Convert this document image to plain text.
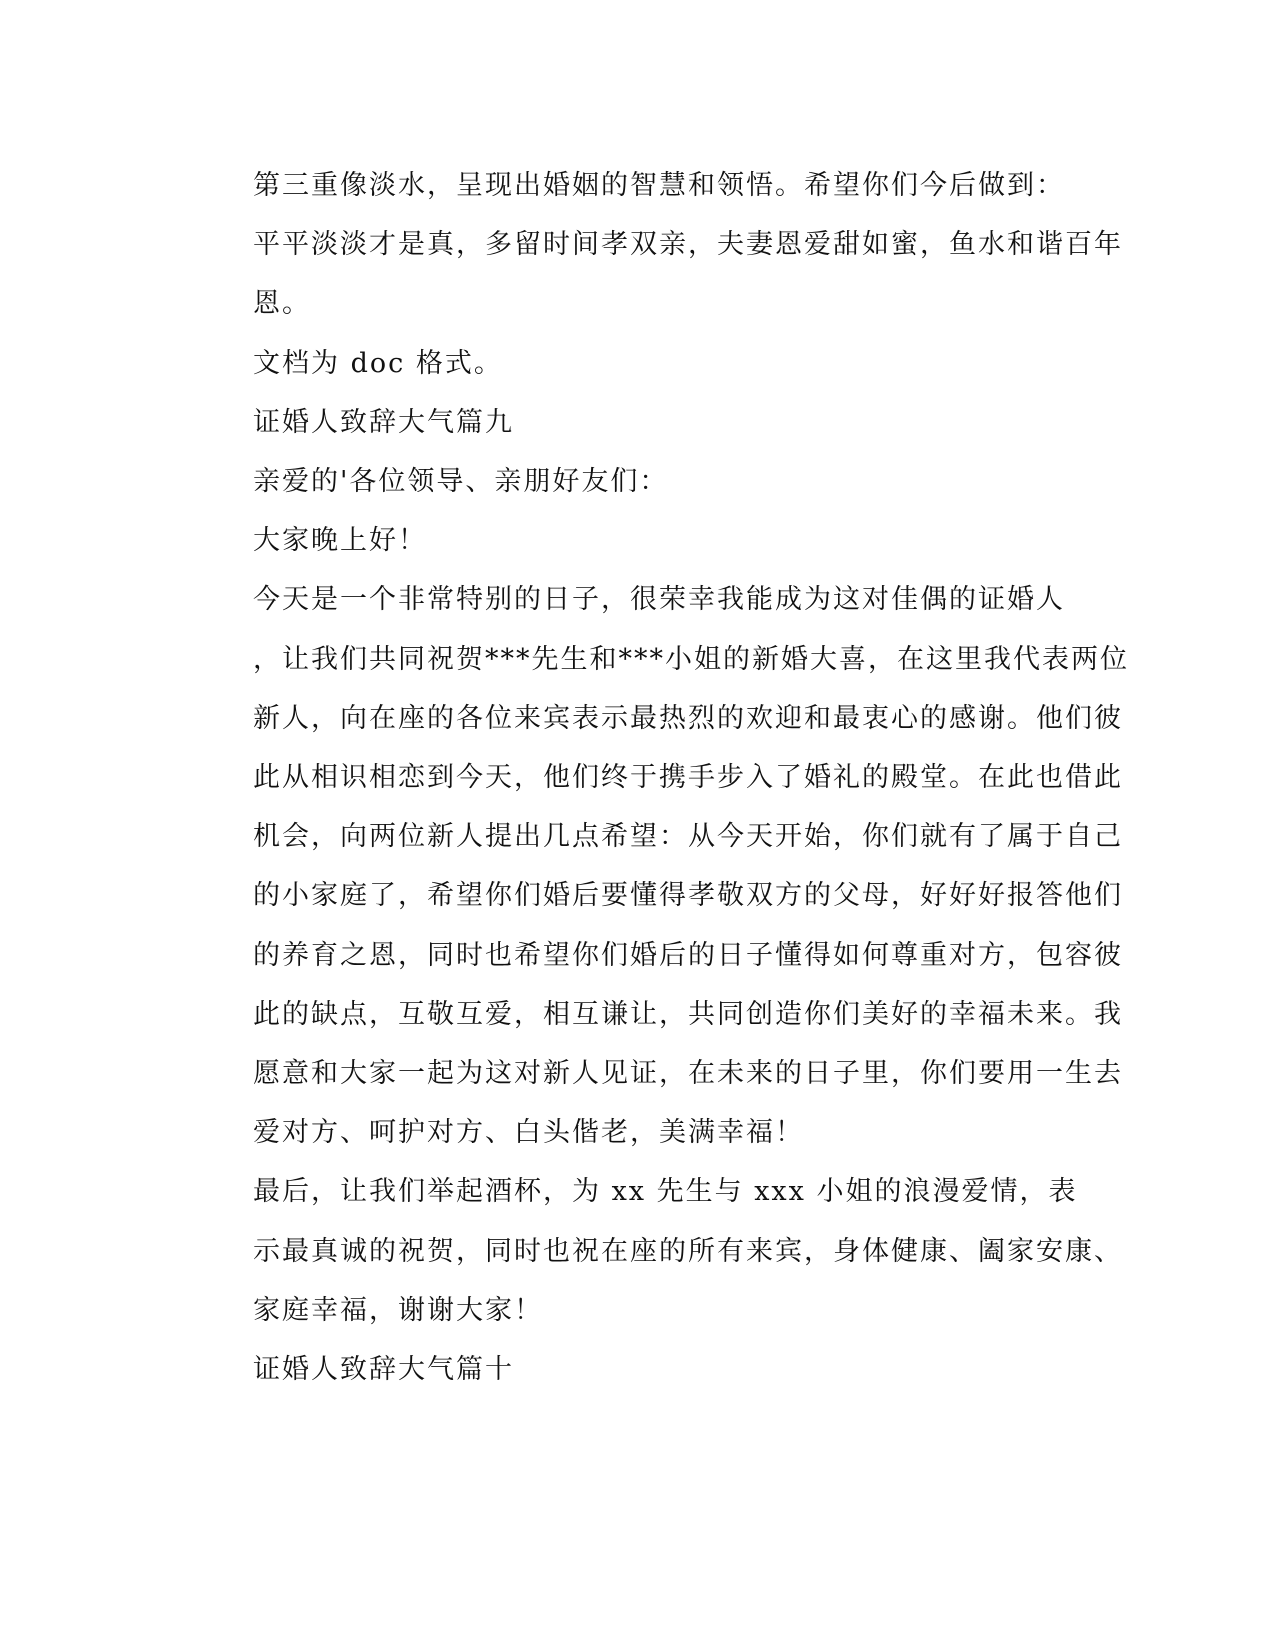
第三重像淡水，呈现出婚姻的智慧和领悟。希望你们今后做到：
平平淡淡才是真，多留时间孝双亲，夫妻恩爱甜如蜜，鱼水和谐百年
恩。

文档为 doc 格式。

证婚人致辞大气篇九

亲爱的'各位领导、亲朋好友们：

大家晚上好！

今天是一个非常特别的日子，很荣幸我能成为这对佳偶的证婚人
，让我们共同祝贺***先生和***小姐的新婚大喜，在这里我代表两位
新人，向在座的各位来宾表示最热烈的欢迎和最衷心的感谢。他们彼
此从相识相恋到今天，他们终于携手步入了婚礼的殿堂。在此也借此
机会，向两位新人提出几点希望：从今天开始，你们就有了属于自己
的小家庭了，希望你们婚后要懂得孝敬双方的父母，好好好报答他们
的养育之恩，同时也希望你们婚后的日子懂得如何尊重对方，包容彼
此的缺点，互敬互爱，相互谦让，共同创造你们美好的幸福未来。我
愿意和大家一起为这对新人见证，在未来的日子里，你们要用一生去
爱对方、呵护对方、白头偕老，美满幸福！

最后，让我们举起酒杯，为 xx 先生与 xxx 小姐的浪漫爱情，表
示最真诚的祝贺，同时也祝在座的所有来宾，身体健康、阖家安康、
家庭幸福，谢谢大家！

证婚人致辞大气篇十
